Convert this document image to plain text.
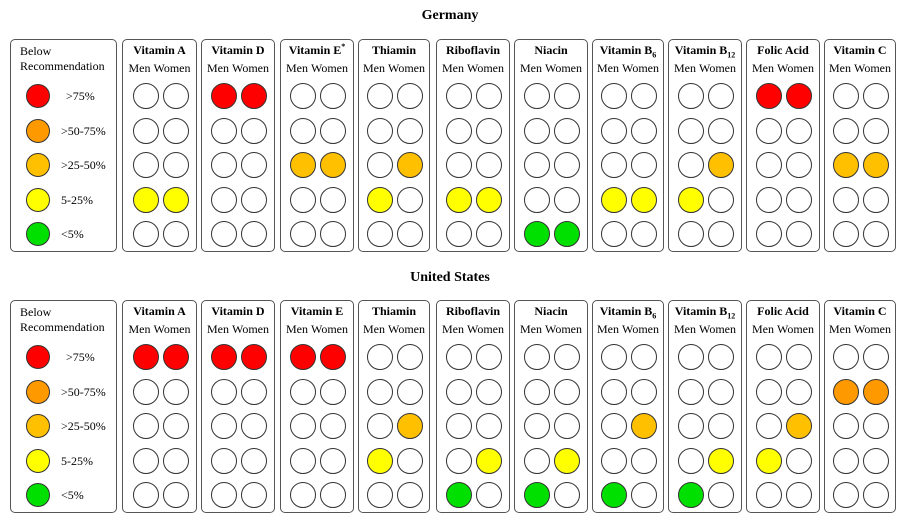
Germany
Below
Recommendation
>75%
>50-75%
>25-50%
5-25%
<5%
Vitamin A
Men Women
Vitamin D
Men Women
Vitamin E*
Men Women
Thiamin
Men Women
Riboflavin
Men Women
Niacin
Men Women
Vitamin $B_6$
Men Women
Vitamin $B_{12}$
Men Women
Folic Acid
Men Women
Vitamin C
Men Women
United States
Below
Recommendation
>75%
>50-75%
>25-50%
5-25%
<5%
Vitamin A
Men Women
Vitamin D
Men Women
Vitamin E
Men Women
Thiamin
Men Women
Riboflavin
Men Women
Niacin
Men Women
Vitamin $B_6$
Men Women
Vitamin $B_{12}$
Men Women
Folic Acid
Men Women
Vitamin C
Men Women
